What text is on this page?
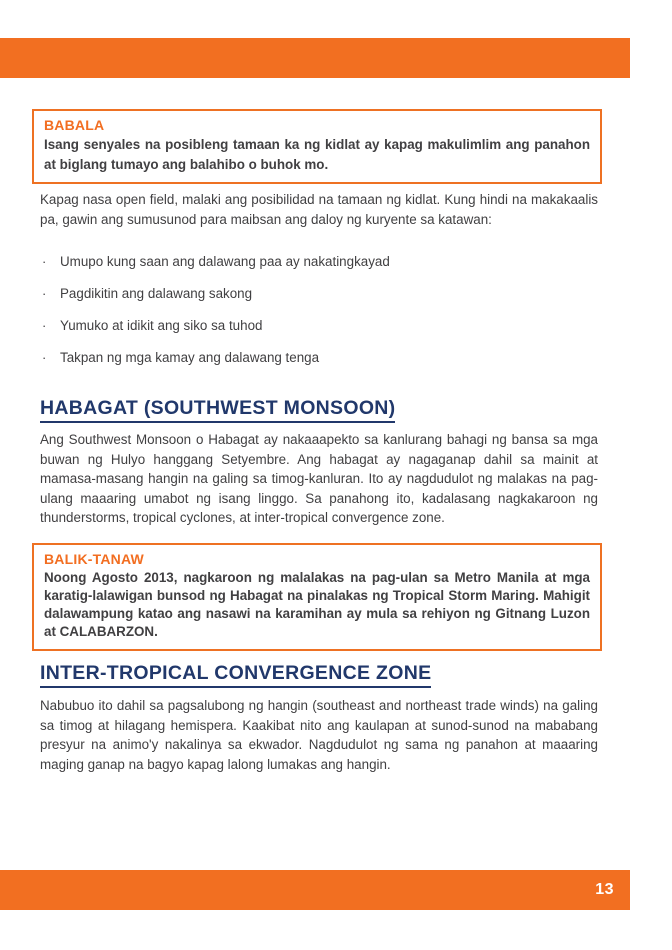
BABALA

Isang senyales na posibleng tamaan ka ng kidlat ay kapag makulimlim ang panahon at biglang tumayo ang balahibo o buhok mo.

Kapag nasa open field, malaki ang posibilidad na tamaan ng kidlat. Kung hindi na makakaalis pa, gawin ang sumusunod para maibsan ang daloy ng kuryente sa katawan:

·	Umupo kung saan ang dalawang paa ay nakatingkayad
·	Pagdikitin ang dalawang sakong
·	Yumuko at idikit ang siko sa tuhod
·	Takpan ng mga kamay ang dalawang tenga
HABAGAT (SOUTHWEST MONSOON)

Ang Southwest Monsoon o Habagat ay nakaaapekto sa kanlurang bahagi ng bansa sa mga buwan ng Hulyo hanggang Setyembre. Ang habagat ay nagaganap dahil sa mainit at mamasa-masang hangin na galing sa timog-kanluran. Ito ay nagdudulot ng malakas na pag-ulang maaaring umabot ng isang linggo. Sa panahong ito, kadalasang nagkakaroon ng thunderstorms, tropical cyclones, at inter-tropical convergence zone.

BALIK-TANAW

Noong Agosto 2013, nagkaroon ng malalakas na pag-ulan sa Metro Manila at mga karatig-lalawigan bunsod ng Habagat na pinalakas ng Tropical Storm Maring. Mahigit dalawampung katao ang nasawi na karamihan ay mula sa rehiyon ng Gitnang Luzon at CALABARZON.

INTER-TROPICAL CONVERGENCE ZONE

Nabubuo ito dahil sa pagsalubong ng hangin (southeast and northeast trade winds) na galing sa timog at hilagang hemispera. Kaakibat nito ang kaulapan at sunod-sunod na mababang presyur na animo'y nakalinya sa ekwador. Nagdudulot ng sama ng panahon at maaaring maging ganap na bagyo kapag lalong lumakas ang hangin.

13
